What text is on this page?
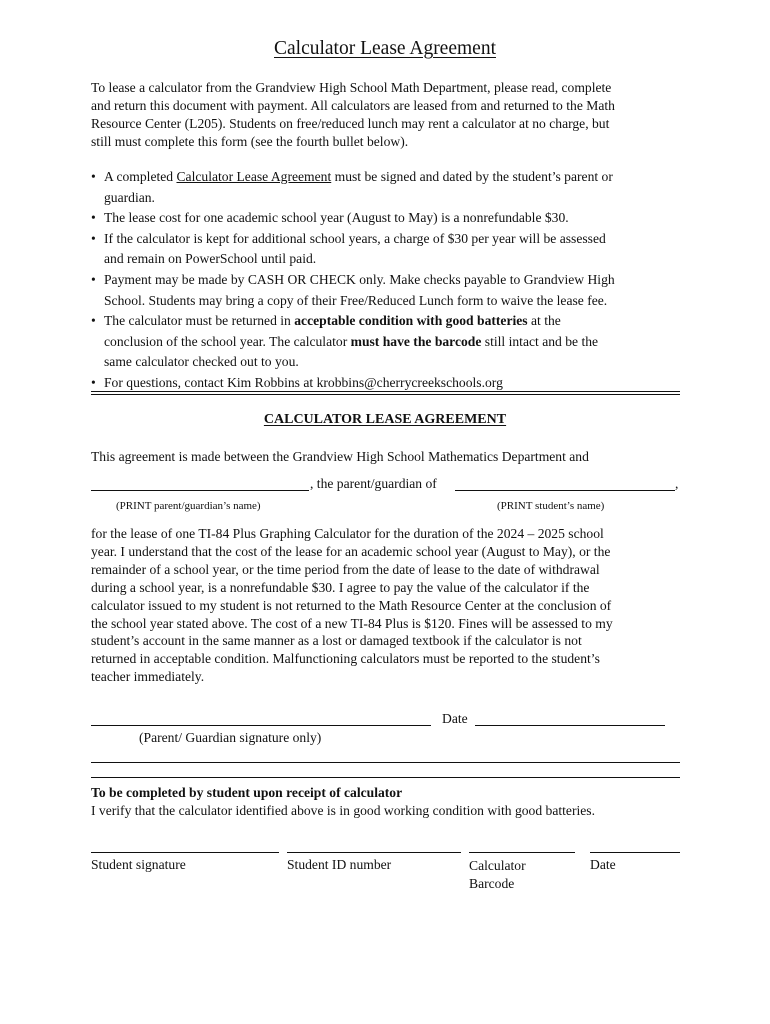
Calculator Lease Agreement
To lease a calculator from the Grandview High School Math Department, please read, complete
and return this document with payment. All calculators are leased from and returned to the Math
Resource Center (L205). Students on free/reduced lunch may rent a calculator at no charge, but
still must complete this form (see the fourth bullet below).
• A completed Calculator Lease Agreement must be signed and dated by the student’s parent or
guardian.
• The lease cost for one academic school year (August to May) is a nonrefundable $30.
• If the calculator is kept for additional school years, a charge of $30 per year will be assessed
and remain on PowerSchool until paid.
• Payment may be made by CASH OR CHECK only. Make checks payable to Grandview High
School. Students may bring a copy of their Free/Reduced Lunch form to waive the lease fee.
• The calculator must be returned in acceptable condition with good batteries at the
conclusion of the school year. The calculator must have the barcode still intact and be the
same calculator checked out to you.
• For questions, contact Kim Robbins at krobbins@cherrycreekschools.org
CALCULATOR LEASE AGREEMENT
This agreement is made between the Grandview High School Mathematics Department and
, the parent/guardian of	,
(PRINT parent/guardian’s name)	(PRINT student’s name)
for the lease of one TI-84 Plus Graphing Calculator for the duration of the 2024 – 2025 school
year. I understand that the cost of the lease for an academic school year (August to May), or the
remainder of a school year, or the time period from the date of lease to the date of withdrawal
during a school year, is a nonrefundable $30. I agree to pay the value of the calculator if the
calculator issued to my student is not returned to the Math Resource Center at the conclusion of
the school year stated above. The cost of a new TI-84 Plus is $120. Fines will be assessed to my
student’s account in the same manner as a lost or damaged textbook if the calculator is not
returned in acceptable condition. Malfunctioning calculators must be reported to the student’s
teacher immediately.
Date
(Parent/ Guardian signature only)
To be completed by student upon receipt of calculator
I verify that the calculator identified above is in good working condition with good batteries.
Student signature	Student ID number	Calculator
Barcode
Date
